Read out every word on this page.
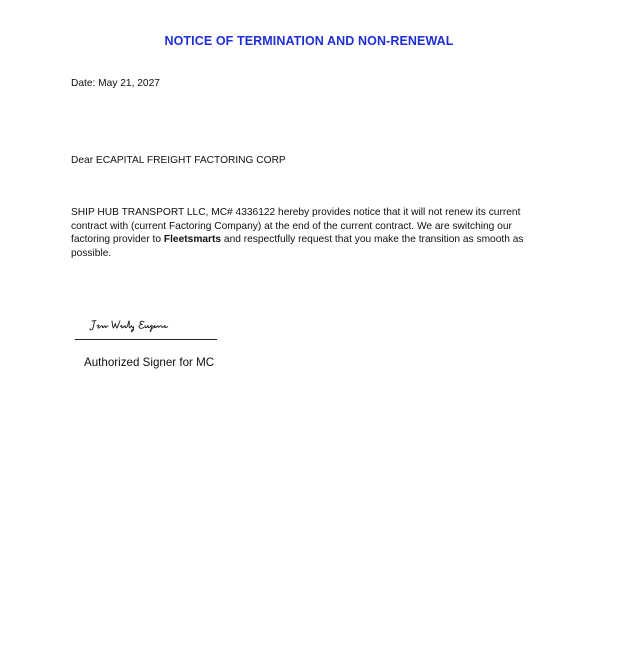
NOTICE OF TERMINATION AND NON-RENEWAL
Date: May 21, 2027
Dear ECAPITAL FREIGHT FACTORING CORP
SHIP HUB TRANSPORT LLC, MC# 4336122 hereby provides notice that it will not renew its current contract with (current Factoring Company) at the end of the current contract. We are switching our factoring provider to Fleetsmarts and respectfully request that you make the transition as smooth as possible.
Authorized Signer for MC
